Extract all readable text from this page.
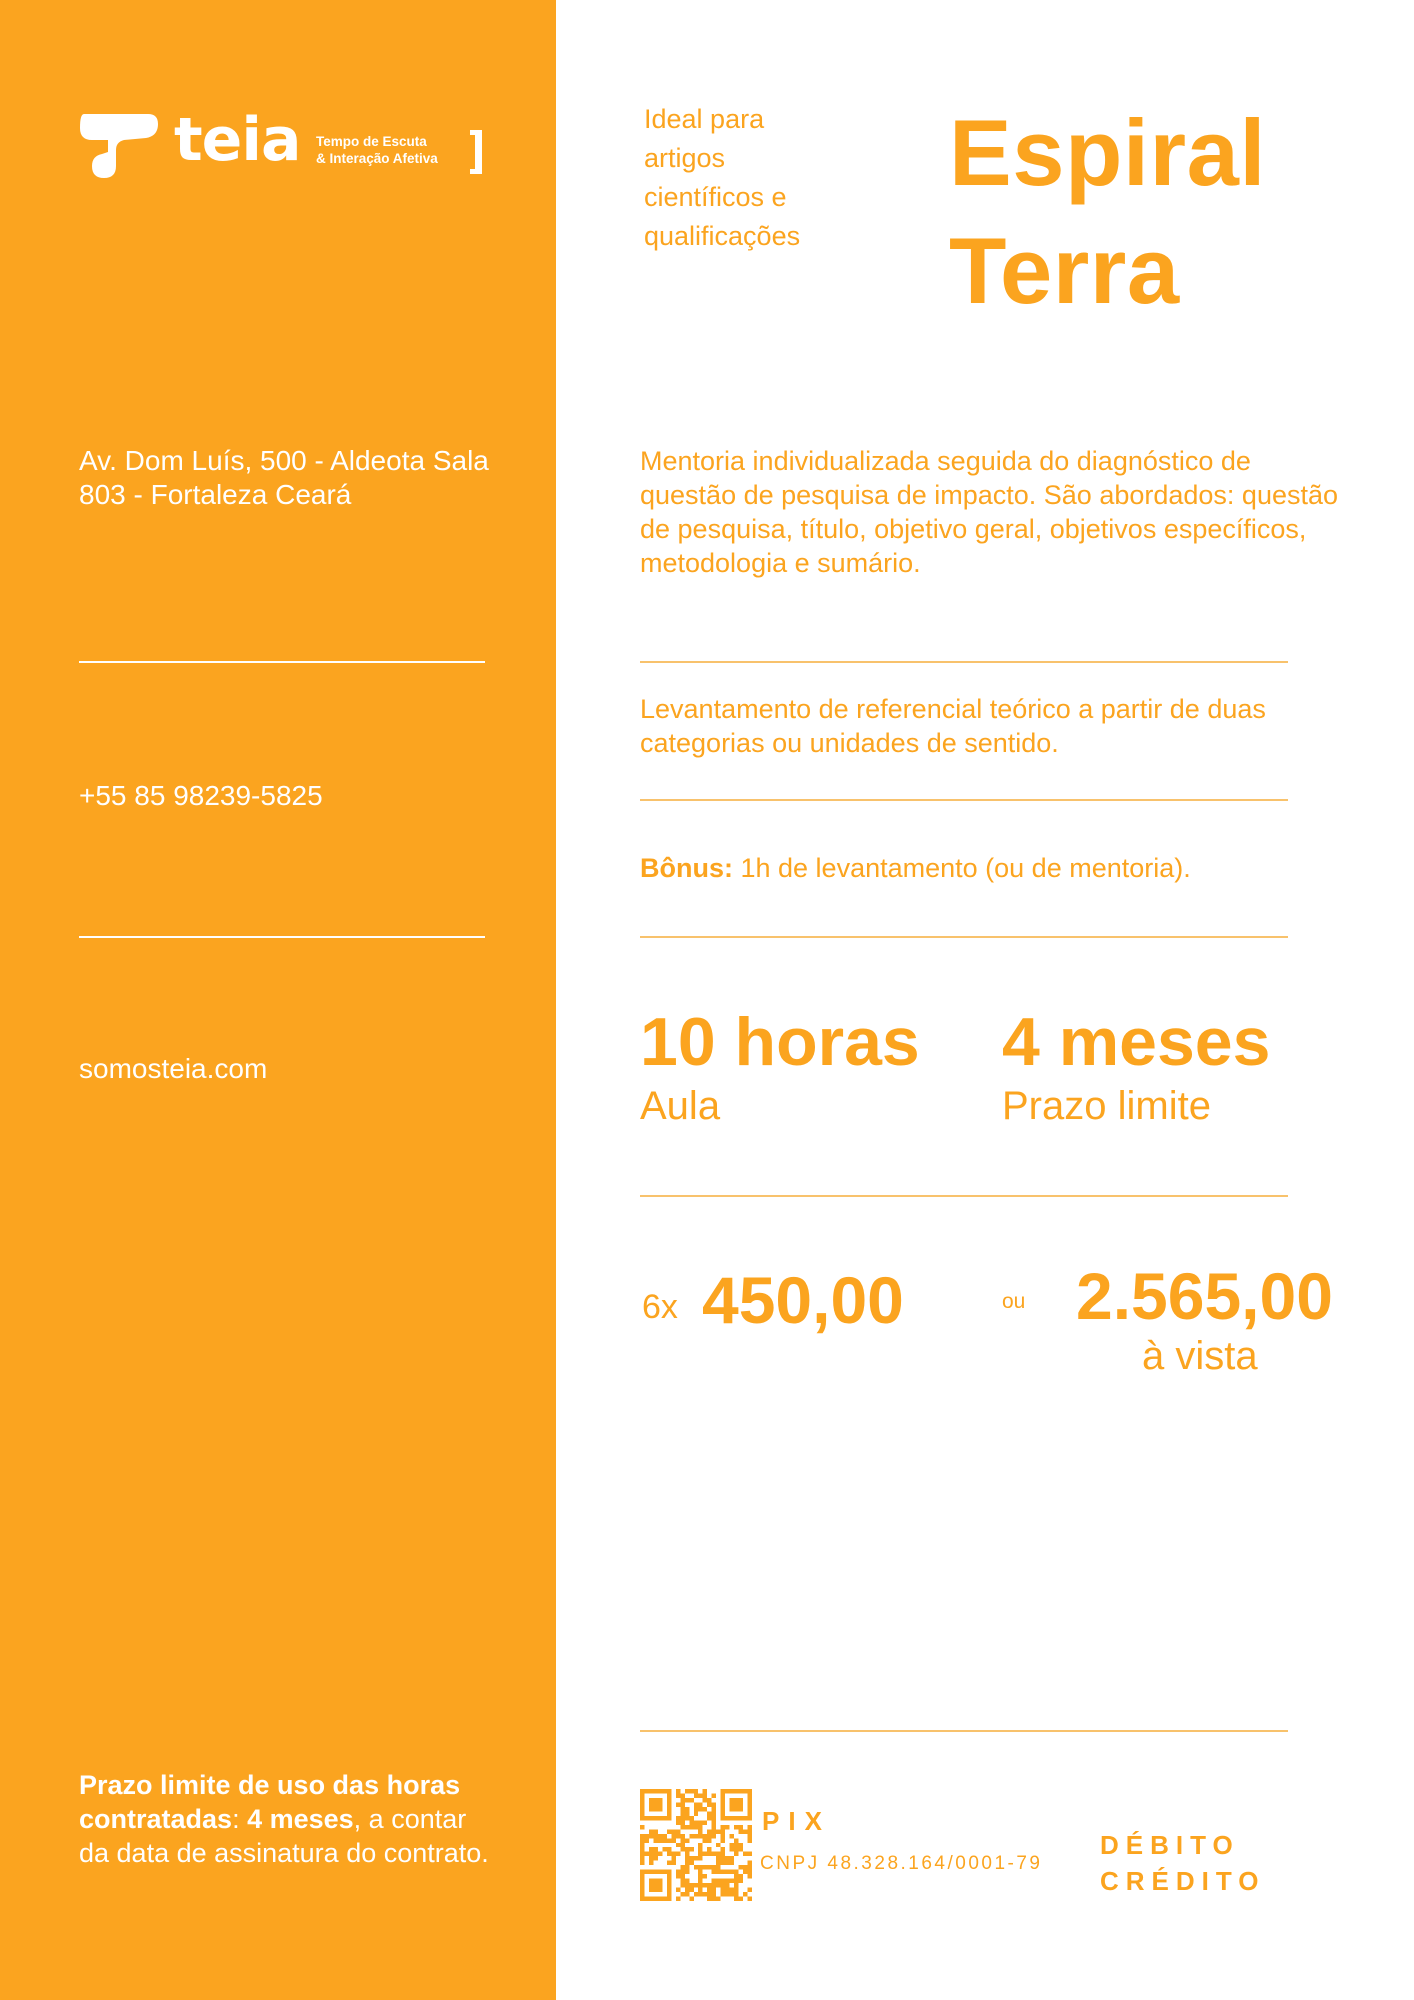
teia Tempo de Escuta
& Interação Afetiva
Av. Dom Luís, 500 - Aldeota Sala 803 - Fortaleza Ceará
+55 85 98239-5825
somosteia.com
Prazo limite de uso das horas contratadas: 4 meses, a contar da data de assinatura do contrato.
Ideal para artigos científicos e qualificações
Espiral
Terra
Mentoria individualizada seguida do diagnóstico de questão de pesquisa de impacto. São abordados: questão de pesquisa, título, objetivo geral, objetivos específicos, metodologia e sumário.
Levantamento de referencial teórico a partir de duas categorias ou unidades de sentido.
Bônus: 1h de levantamento (ou de mentoria).
10 horas
Aula
4 meses
Prazo limite
6x 450,00	ou 2.565,00
à vista
PIX
CNPJ 48.328.164/0001-79
DÉBITO
CRÉDITO
